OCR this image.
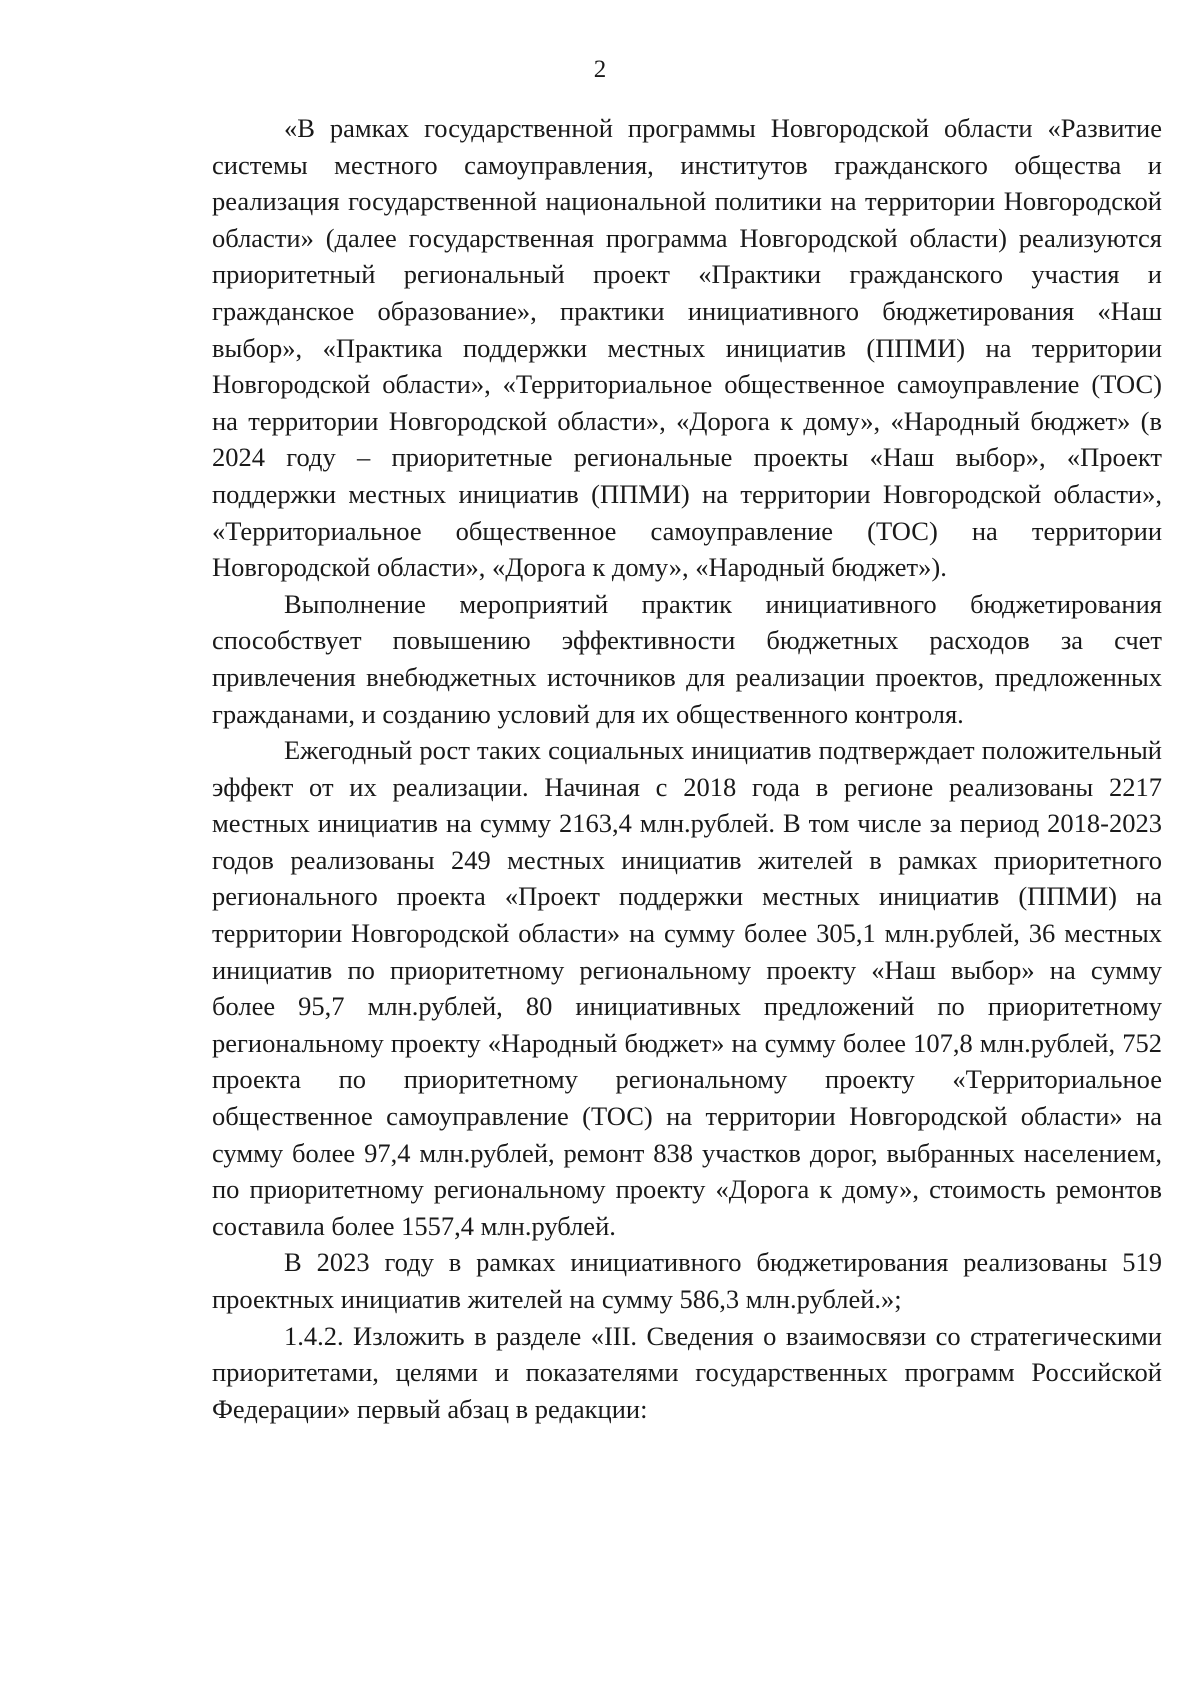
2

«В рамках государственной программы Новгородской области «Развитие системы местного самоуправления, институтов гражданского общества и реализация государственной национальной политики на территории Новгородской области» (далее государственная программа Новгородской области) реализуются приоритетный региональный проект «Практики гражданского участия и гражданское образование», практики инициативного бюджетирования «Наш выбор», «Практика поддержки местных инициатив (ППМИ) на территории Новгородской области», «Территориальное общественное самоуправление (ТОС) на территории Новгородской области», «Дорога к дому», «Народный бюджет» (в 2024 году – приоритетные региональные проекты «Наш выбор», «Проект поддержки местных инициатив (ППМИ) на территории Новгородской области», «Территориальное общественное самоуправление (ТОС) на территории Новгородской области», «Дорога к дому», «Народный бюджет»).

Выполнение мероприятий практик инициативного бюджетирования способствует повышению эффективности бюджетных расходов за счет привлечения внебюджетных источников для реализации проектов, предложенных гражданами, и созданию условий для их общественного контроля.

Ежегодный рост таких социальных инициатив подтверждает положительный эффект от их реализации. Начиная с 2018 года в регионе реализованы 2217 местных инициатив на сумму 2163,4 млн.рублей. В том числе за период 2018-2023 годов реализованы 249 местных инициатив жителей в рамках приоритетного регионального проекта «Проект поддержки местных инициатив (ППМИ) на территории Новгородской области» на сумму более 305,1 млн.рублей, 36 местных инициатив по приоритетному региональному проекту «Наш выбор» на сумму более 95,7 млн.рублей, 80 инициативных предложений по приоритетному региональному проекту «Народный бюджет» на сумму более 107,8 млн.рублей, 752 проекта по приоритетному региональному проекту «Территориальное общественное самоуправление (ТОС) на территории Новгородской области» на сумму более 97,4 млн.рублей, ремонт 838 участков дорог, выбранных населением, по приоритетному региональному проекту «Дорога к дому», стоимость ремонтов составила более 1557,4 млн.рублей.

В 2023 году в рамках инициативного бюджетирования реализованы 519 проектных инициатив жителей на сумму 586,3 млн.рублей.»;

1.4.2. Изложить в разделе «III. Сведения о взаимосвязи со стратегическими приоритетами, целями и показателями государственных программ Российской Федерации» первый абзац в редакции:
